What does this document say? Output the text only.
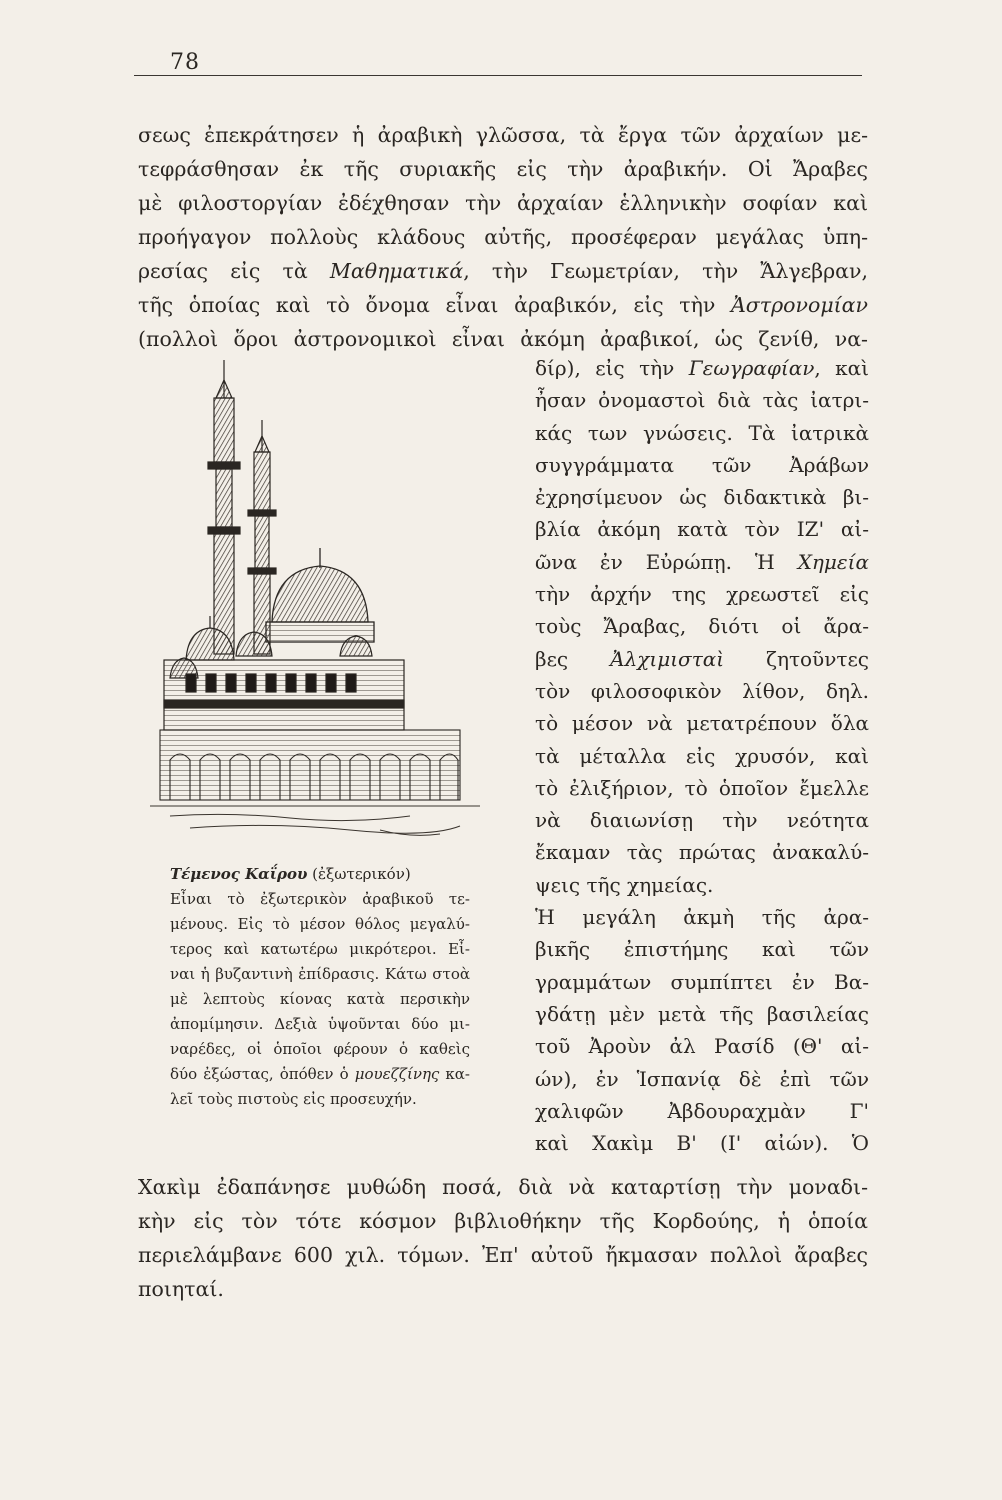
78
σεως ἐπεκράτησεν ἡ ἀραβικὴ γλῶσσα, τὰ ἔργα τῶν ἀρχαίων με-
τεφράσθησαν ἐκ τῆς συριακῆς εἰς τὴν ἀραβικήν. Οἱ Ἄραβες
μὲ φιλοστοργίαν ἐδέχθησαν τὴν ἀρχαίαν ἑλληνικὴν σοφίαν καὶ
προήγαγον πολλοὺς κλάδους αὐτῆς, προσέφεραν μεγάλας ὑπη-
ρεσίας εἰς τὰ Μαθηματικά, τὴν Γεωμετρίαν, τὴν Ἄλγεβραν,
τῆς ὁποίας καὶ τὸ ὄνομα εἶναι ἀραβικόν, εἰς τὴν Ἀστρονομίαν
(πολλοὶ ὅροι ἀστρονομικοὶ εἶναι ἀκόμη ἀραβικοί, ὡς ζενίθ, να-
Τέμενος Καΐρου (ἐξωτερικόν)
Εἶναι τὸ ἐξωτερικὸν ἀραβικοῦ τε-
μένους. Εἰς τὸ μέσον θόλος μεγαλύ-
τερος καὶ κατωτέρω μικρότεροι. Εἶ-
ναι ἡ βυζαντινὴ ἐπίδρασις. Κάτω στοὰ
μὲ λεπτοὺς κίονας κατὰ περσικὴν
ἀπομίμησιν. Δεξιὰ ὑψοῦνται δύο μι-
ναρέδες, οἱ ὁποῖοι φέρουν ὁ καθεὶς
δύο ἐξώστας, ὁπόθεν ὁ μουεζζίνης κα-
λεῖ τοὺς πιστοὺς εἰς προσευχήν.
δίρ), εἰς τὴν Γεωγραφίαν, καὶ
ἦσαν ὀνομαστοὶ διὰ τὰς ἰατρι-
κάς των γνώσεις. Τὰ ἰατρικὰ
συγγράμματα τῶν Ἀράβων
ἐχρησίμευον ὡς διδακτικὰ βι-
βλία ἀκόμη κατὰ τὸν ΙΖ' αἰ-
ῶνα ἐν Εὐρώπῃ. Ἡ Χημεία
τὴν ἀρχήν της χρεωστεῖ εἰς
τοὺς Ἄραβας, διότι οἱ ἄρα-
βες Ἀλχιμισταὶ ζητοῦντες
τὸν φιλοσοφικὸν λίθον, δηλ.
τὸ μέσον νὰ μετατρέπουν ὅλα
τὰ μέταλλα εἰς χρυσόν, καὶ
τὸ ἐλιξήριον, τὸ ὁποῖον ἔμελλε
νὰ διαιωνίσῃ τὴν νεότητα
ἔκαμαν τὰς πρώτας ἀνακαλύ-
ψεις τῆς χημείας.
Ἡ μεγάλη ἀκμὴ τῆς ἀρα-
βικῆς ἐπιστήμης καὶ τῶν
γραμμάτων συμπίπτει ἐν Βα-
γδάτῃ μὲν μετὰ τῆς βασιλείας
τοῦ Ἀροὺν ἀλ Ρασίδ (Θ' αἰ-
ών), ἐν Ἱσπανίᾳ δὲ ἐπὶ τῶν
χαλιφῶν Ἀβδουραχμὰν Γ'
καὶ Χακὶμ Β' (Ι' αἰών). Ὁ
Χακὶμ ἐδαπάνησε μυθώδη ποσά, διὰ νὰ καταρτίσῃ τὴν μοναδι-
κὴν εἰς τὸν τότε κόσμον βιβλιοθήκην τῆς Κορδούης, ἡ ὁποία
περιελάμβανε 600 χιλ. τόμων. Ἐπ' αὐτοῦ ἤκμασαν πολλοὶ ἄραβες
ποιηταί.
